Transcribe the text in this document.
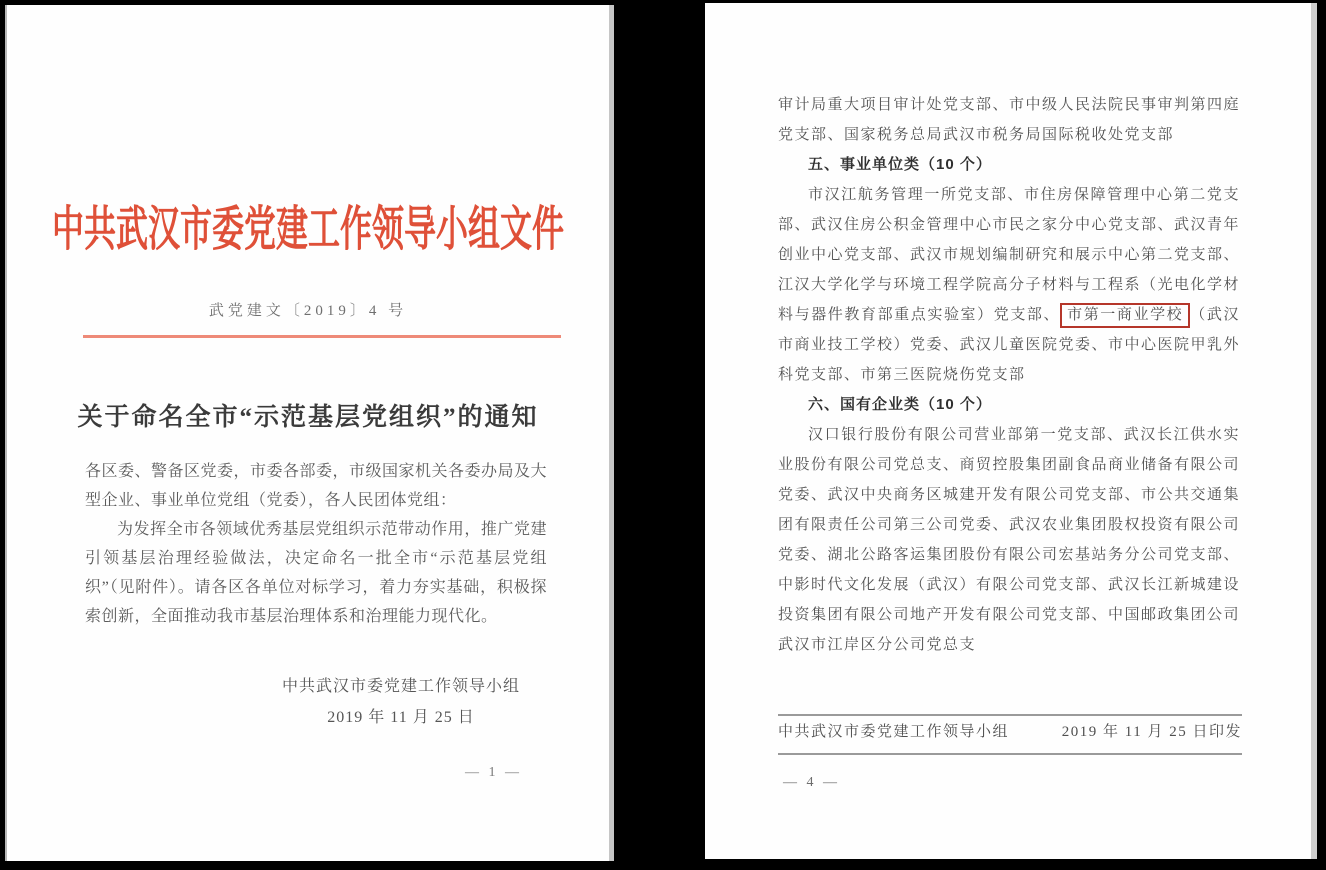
中共武汉市委党建工作领导小组文件
武党建文〔2019〕4 号
关于命名全市“示范基层党组织”的通知

各区委、警备区党委，市委各部委，市级国家机关各委办局及大型企业、事业单位党组（党委），各人民团体党组：

为发挥全市各领域优秀基层党组织示范带动作用，推广党建引领基层治理经验做法，决定命名一批全市“示范基层党组织”（见附件）。请各区各单位对标学习，着力夯实基础，积极探索创新，全面推动我市基层治理体系和治理能力现代化。

中共武汉市委党建工作领导小组
2019 年 11 月 25 日
— 1 —

审计局重大项目审计处党支部、市中级人民法院民事审判第四庭党支部、国家税务总局武汉市税务局国际税收处党支部

五、事业单位类（10 个）

市汉江航务管理一所党支部、市住房保障管理中心第二党支部、武汉住房公积金管理中心市民之家分中心党支部、武汉青年创业中心党支部、武汉市规划编制研究和展示中心第二党支部、江汉大学化学与环境工程学院高分子材料与工程系（光电化学材料与器件教育部重点实验室）党支部、 市第一商业学校 （武汉市商业技工学校）党委、武汉儿童医院党委、市中心医院甲乳外科党支部、市第三医院烧伤党支部

六、国有企业类（10 个）

汉口银行股份有限公司营业部第一党支部、武汉长江供水实业股份有限公司党总支、商贸控股集团副食品商业储备有限公司党委、武汉中央商务区城建开发有限公司党支部、市公共交通集团有限责任公司第三公司党委、武汉农业集团股权投资有限公司党委、湖北公路客运集团股份有限公司宏基站务分公司党支部、中影时代文化发展（武汉）有限公司党支部、武汉长江新城建设投资集团有限公司地产开发有限公司党支部、中国邮政集团公司武汉市江岸区分公司党总支

中共武汉市委党建工作领导小组	2019 年 11 月 25 日印发
— 4 —
